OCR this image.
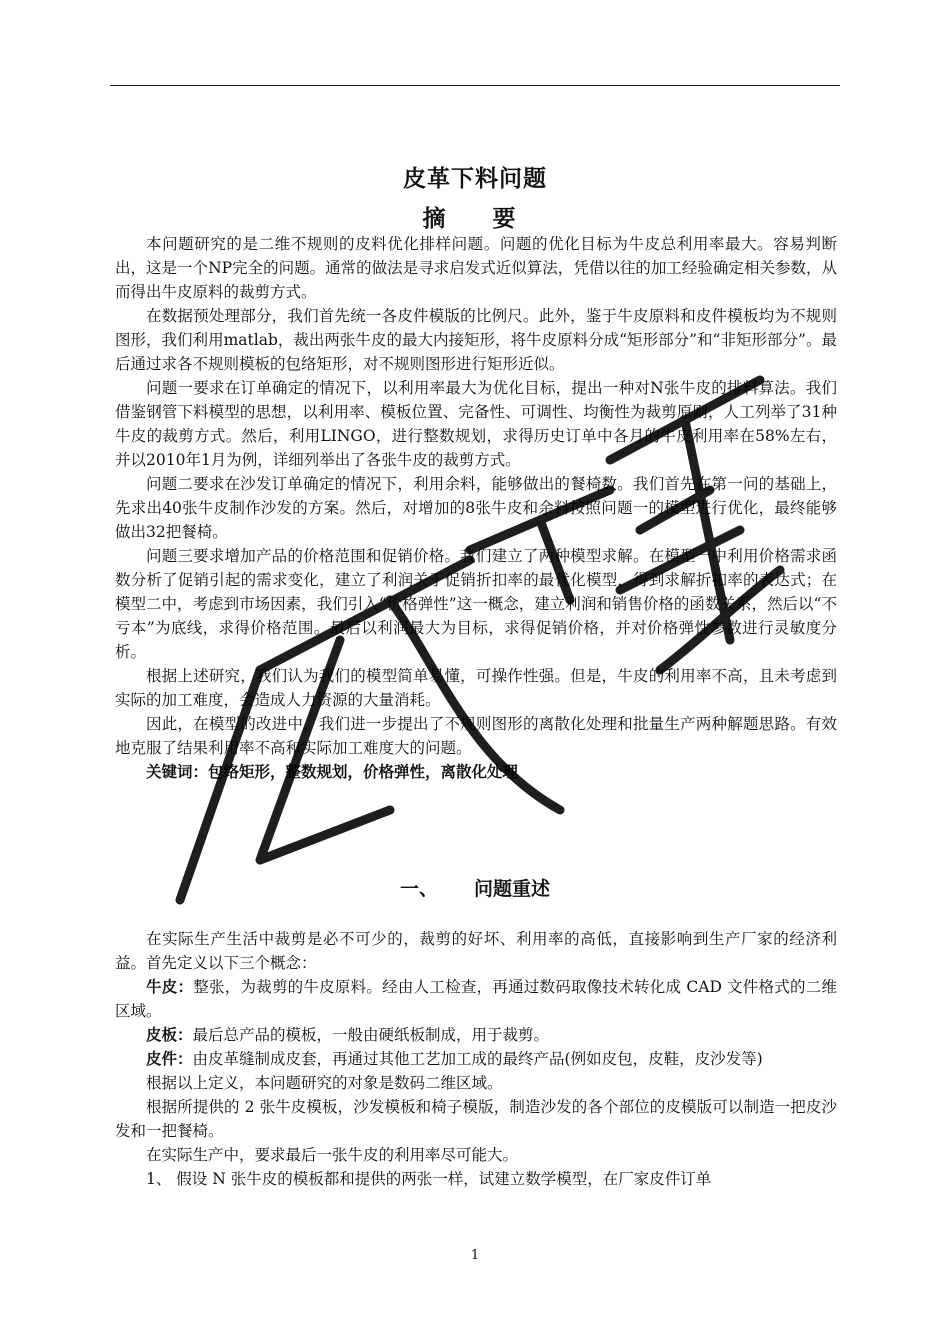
皮革下料问题
摘　要

本问题研究的是二维不规则的皮料优化排样问题。问题的优化目标为牛皮总利用率最大。容易判断出，这是一个NP完全的问题。通常的做法是寻求启发式近似算法，凭借以往的加工经验确定相关参数，从而得出牛皮原料的裁剪方式。

在数据预处理部分，我们首先统一各皮件模版的比例尺。此外，鉴于牛皮原料和皮件模板均为不规则图形，我们利用matlab，裁出两张牛皮的最大内接矩形，将牛皮原料分成“矩形部分”和“非矩形部分”。最后通过求各不规则模板的包络矩形，对不规则图形进行矩形近似。

问题一要求在订单确定的情况下，以利用率最大为优化目标，提出一种对N张牛皮的排料算法。我们借鉴钢管下料模型的思想，以利用率、模板位置、完备性、可调性、均衡性为裁剪原则，人工列举了31种牛皮的裁剪方式。然后，利用LINGO，进行整数规划，求得历史订单中各月的牛皮利用率在58%左右，并以2010年1月为例，详细列举出了各张牛皮的裁剪方式。

问题二要求在沙发订单确定的情况下，利用余料，能够做出的餐椅数。我们首先在第一问的基础上，先求出40张牛皮制作沙发的方案。然后，对增加的8张牛皮和余料按照问题一的模型进行优化，最终能够做出32把餐椅。

问题三要求增加产品的价格范围和促销价格。我们建立了两种模型求解。在模型一中利用价格需求函数分析了促销引起的需求变化，建立了利润关于促销折扣率的最优化模型，得到求解折扣率的表达式；在模型二中，考虑到市场因素，我们引入“价格弹性”这一概念，建立利润和销售价格的函数关系，然后以“不亏本”为底线，求得价格范围。最后以利润最大为目标，求得促销价格，并对价格弹性参数进行灵敏度分析。

根据上述研究，我们认为我们的模型简单易懂，可操作性强。但是，牛皮的利用率不高，且未考虑到实际的加工难度，会造成人力资源的大量消耗。

因此，在模型的改进中，我们进一步提出了不规则图形的离散化处理和批量生产两种解题思路。有效地克服了结果利用率不高和实际加工难度大的问题。

关键词：包络矩形，整数规划，价格弹性，离散化处理

一、 问题重述

在实际生产生活中裁剪是必不可少的，裁剪的好坏、利用率的高低，直接影响到生产厂家的经济利益。首先定义以下三个概念：

牛皮：整张，为裁剪的牛皮原料。经由人工检查，再通过数码取像技术转化成 CAD 文件格式的二维区域。

皮板：最后总产品的模板，一般由硬纸板制成，用于裁剪。

皮件：由皮革缝制成皮套，再通过其他工艺加工成的最终产品(例如皮包，皮鞋，皮沙发等)

根据以上定义，本问题研究的对象是数码二维区域。

根据所提供的 2 张牛皮模板，沙发模板和椅子模版，制造沙发的各个部位的皮模版可以制造一把皮沙发和一把餐椅。

在实际生产中，要求最后一张牛皮的利用率尽可能大。

1、 假设 N 张牛皮的模板都和提供的两张一样，试建立数学模型，在厂家皮件订单

1
